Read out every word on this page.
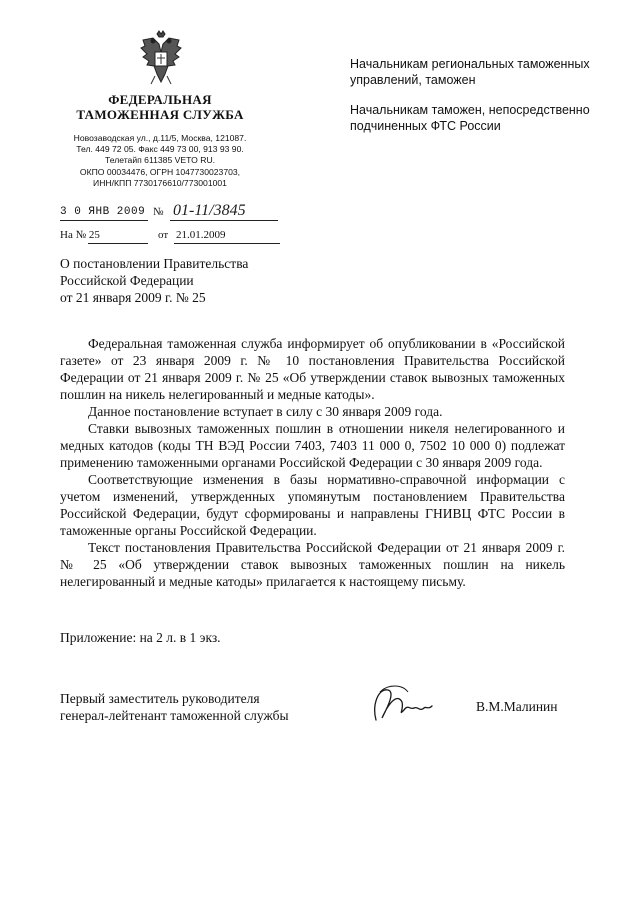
ФЕДЕРАЛЬНАЯ
ТАМОЖЕННАЯ СЛУЖБА
Новозаводская ул., д.11/5, Москва, 121087.
Тел. 449 72 05. Факс 449 73 00, 913 93 90.
Телетайп 611385 VETO RU.
ОКПО 00034476, ОГРН 1047730023703,
ИНН/КПП 7730176610/773001001
3 0 ЯНВ 2009 № 01-11/3845
На № 25	от 21.01.2009

Начальникам региональных таможенных управлений, таможен

Начальникам таможен, непосредственно подчиненных ФТС России

О постановлении Правительства
Российской Федерации
от 21 января 2009 г. № 25

Федеральная таможенная служба информирует об опубликовании в «Российской газете» от 23 января 2009 г. № 10 постановления Правительства Российской Федерации от 21 января 2009 г. № 25 «Об утверждении ставок вывозных таможенных пошлин на никель нелегированный и медные катоды».

Данное постановление вступает в силу с 30 января 2009 года.

Ставки вывозных таможенных пошлин в отношении никеля нелегированного и медных катодов (коды ТН ВЭД России 7403, 7403 11 000 0, 7502 10 000 0) подлежат применению таможенными органами Российской Федерации с 30 января 2009 года.

Соответствующие изменения в базы нормативно-справочной информации с учетом изменений, утвержденных упомянутым постановлением Правительства Российской Федерации, будут сформированы и направлены ГНИВЦ ФТС России в таможенные органы Российской Федерации.

Текст постановления Правительства Российской Федерации от 21 января 2009 г. № 25 «Об утверждении ставок вывозных таможенных пошлин на никель нелегированный и медные катоды» прилагается к настоящему письму.

Приложение: на 2 л. в 1 экз.
Первый заместитель руководителя
генерал-лейтенант таможенной службы
В.М.Малинин
